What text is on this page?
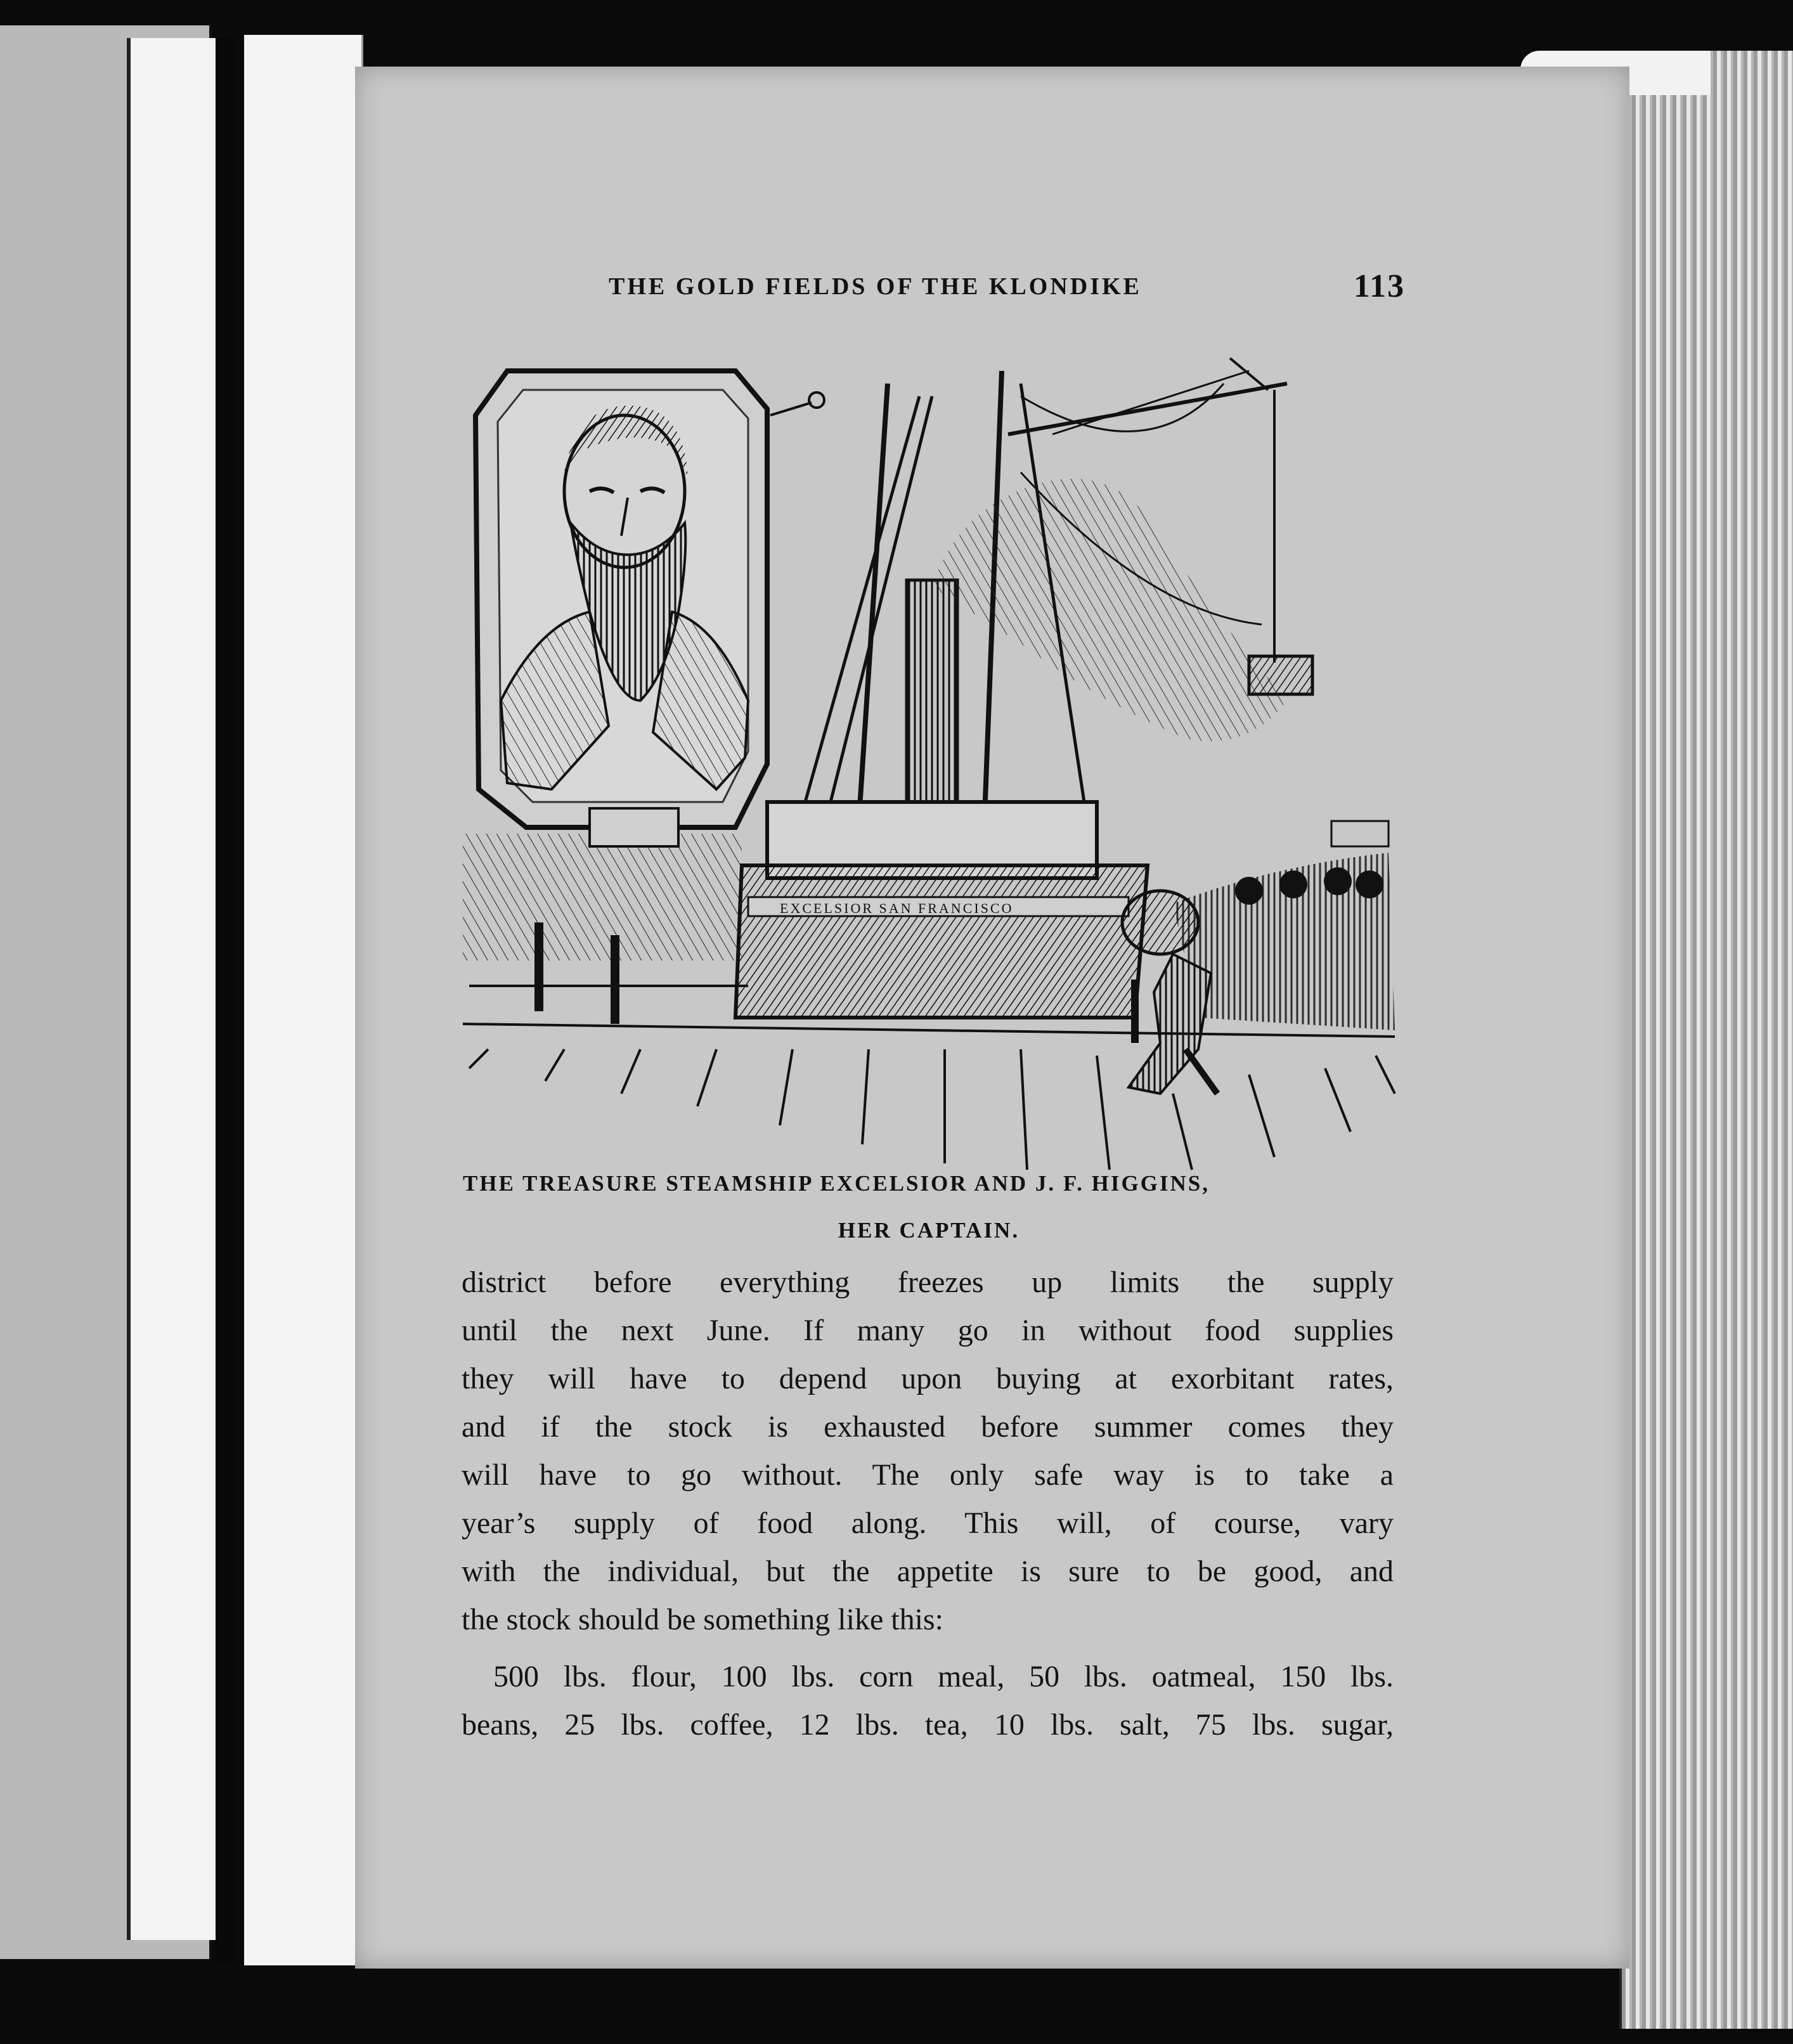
THE GOLD FIELDS OF THE KLONDIKE	113
EXCELSIOR SAN FRANCISCO
THE TREASURE STEAMSHIP EXCELSIOR AND J. F. HIGGINS,
HER CAPTAIN.
district before everything freezes up limits the supply
until the next June. If many go in without food supplies
they will have to depend upon buying at exorbitant rates,
and if the stock is exhausted before summer comes they
will have to go without. The only safe way is to take a
year’s supply of food along. This will, of course, vary
with the individual, but the appetite is sure to be good, and
the stock should be something like this:
500 lbs. flour, 100 lbs. corn meal, 50 lbs. oatmeal, 150 lbs.
beans, 25 lbs. coffee, 12 lbs. tea, 10 lbs. salt, 75 lbs. sugar,
